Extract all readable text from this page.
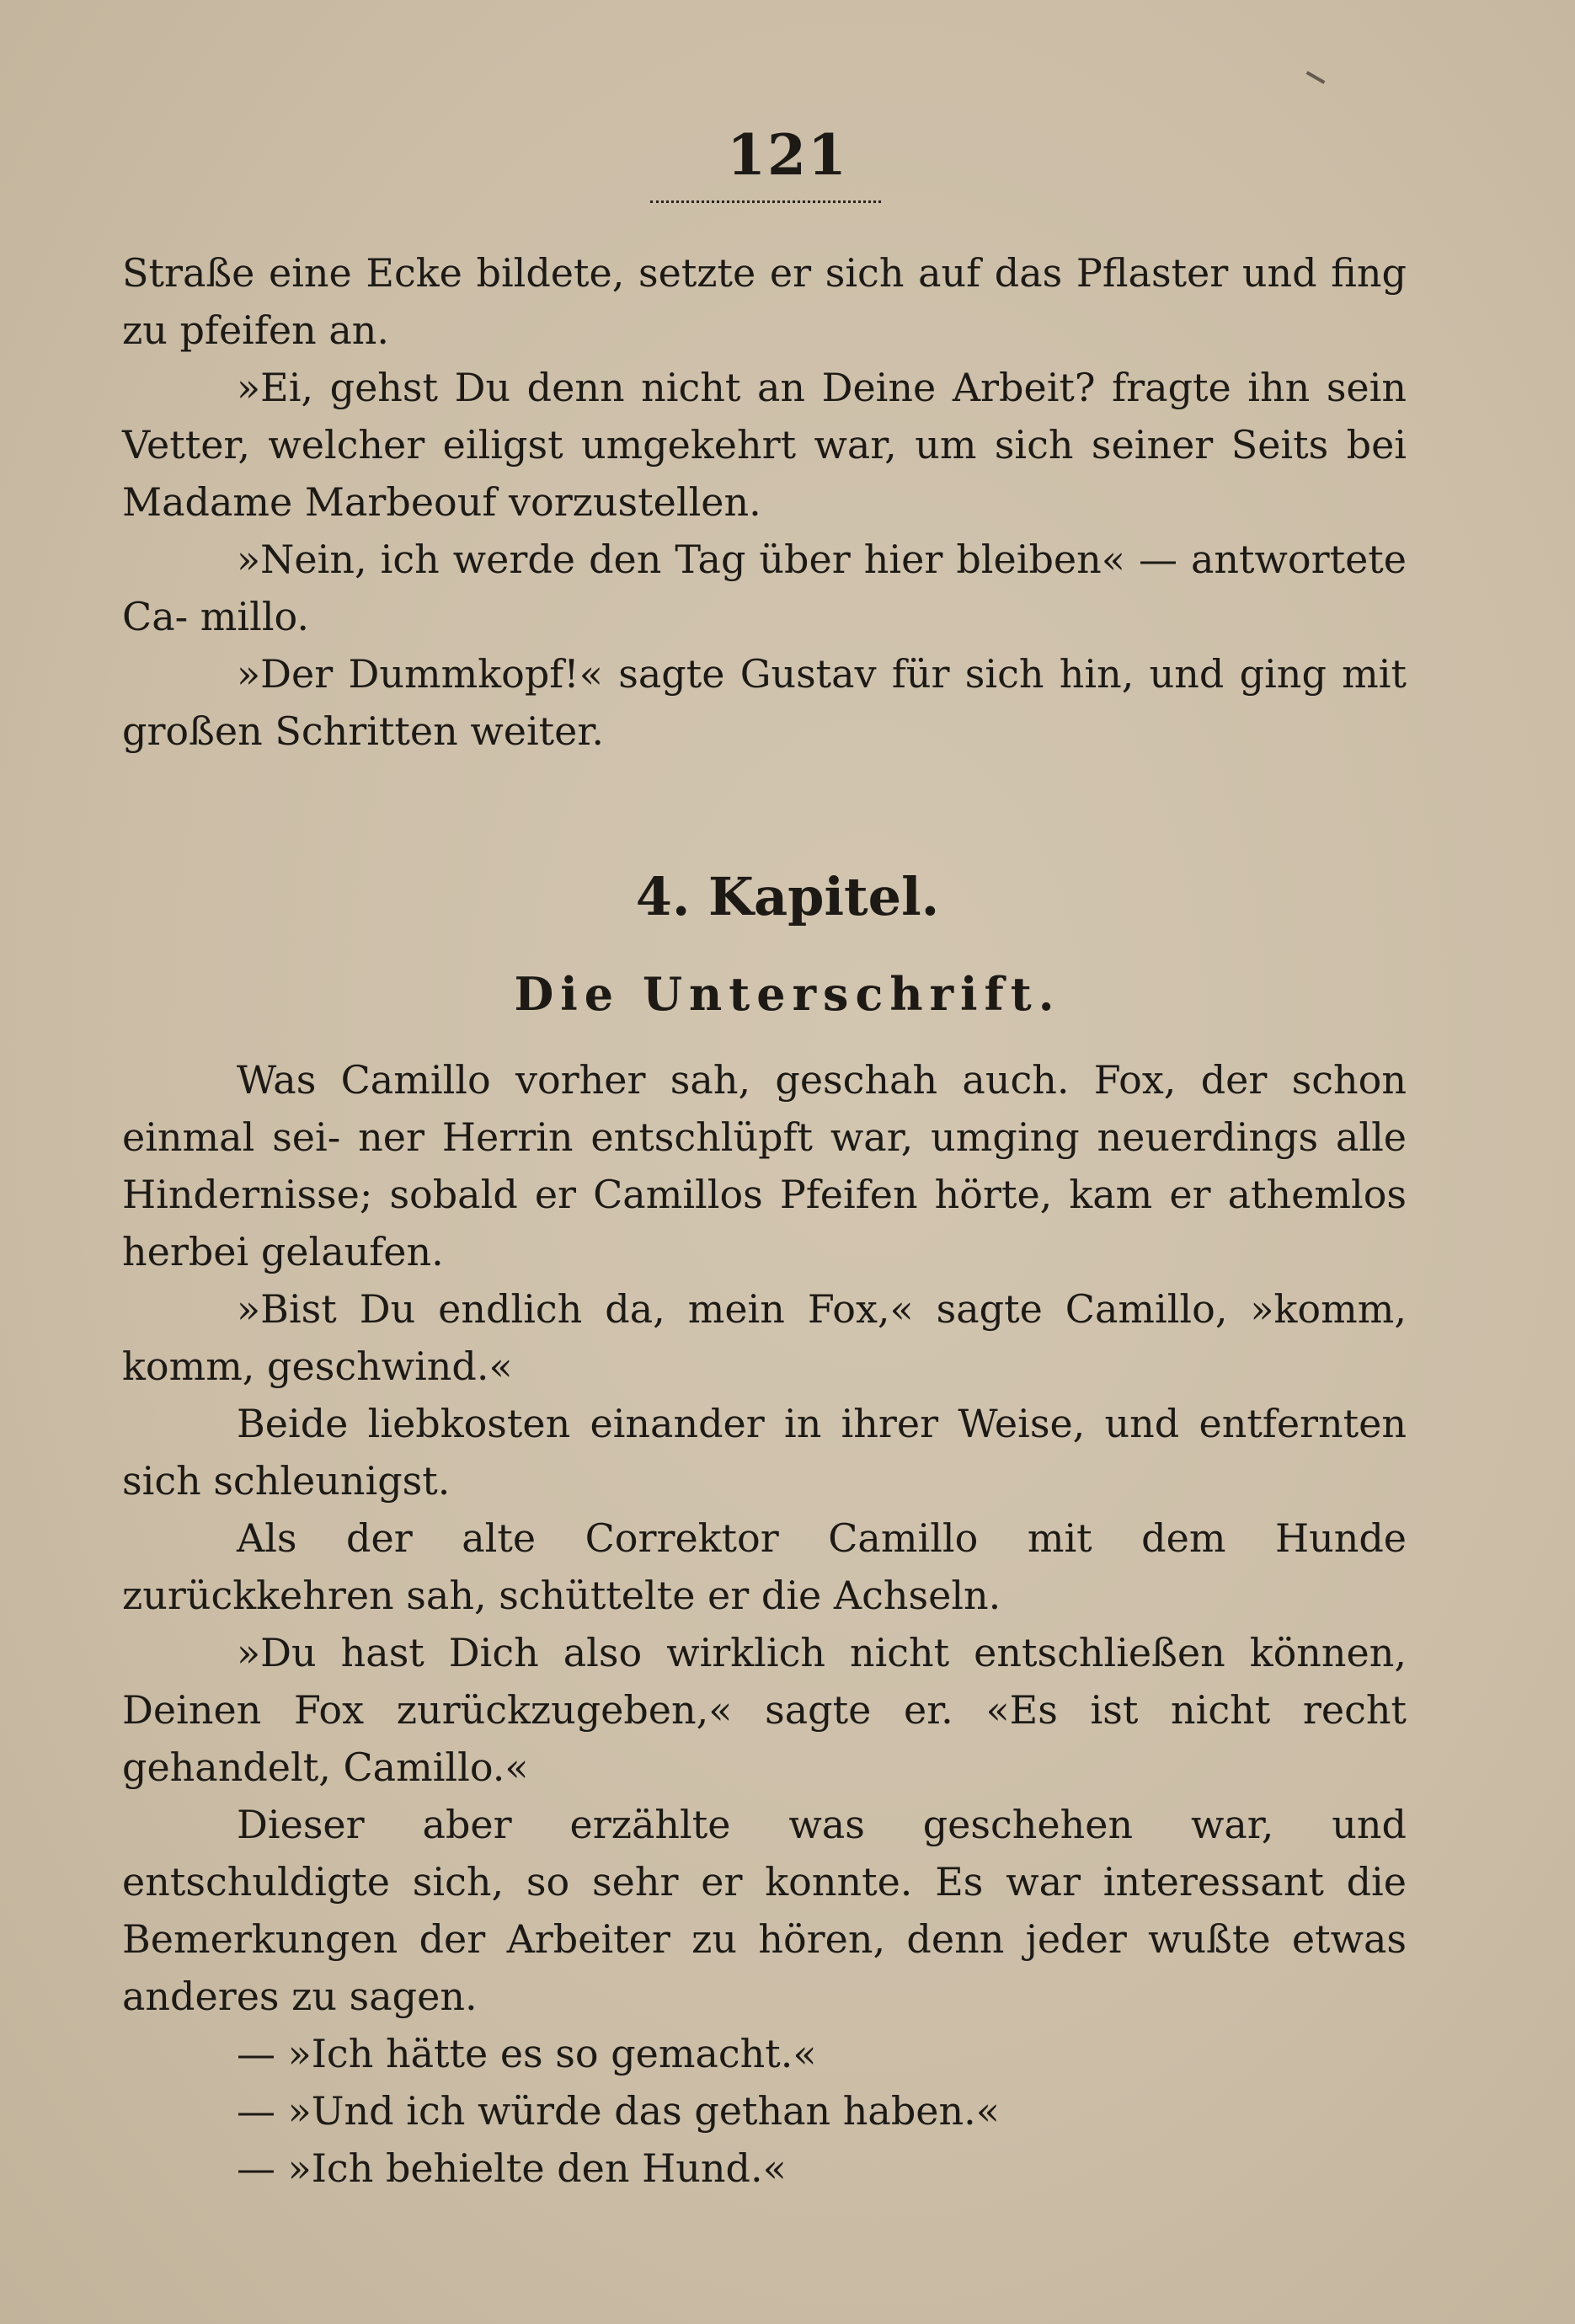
121

Straße eine Ecke bildete, setzte er sich auf das Pflaster und fing zu pfeifen an.

»Ei, gehst Du denn nicht an Deine Arbeit? fragte ihn sein Vetter, welcher eiligst umgekehrt war, um sich seiner Seits bei Madame Marbeouf vorzustellen.

»Nein, ich werde den Tag über hier bleiben« — antwortete Ca- millo.

»Der Dummkopf!« sagte Gustav für sich hin, und ging mit großen Schritten weiter.

4. Kapitel.
Die Unterschrift.

Was Camillo vorher sah, geschah auch. Fox, der schon einmal sei- ner Herrin entschlüpft war, umging neuerdings alle Hindernisse; sobald er Camillos Pfeifen hörte, kam er athemlos herbei gelaufen.

»Bist Du endlich da, mein Fox,« sagte Camillo, »komm, komm, geschwind.«

Beide liebkosten einander in ihrer Weise, und entfernten sich schleunigst.

Als der alte Correktor Camillo mit dem Hunde zurückkehren sah, schüttelte er die Achseln.

»Du hast Dich also wirklich nicht entschließen können, Deinen Fox zurückzugeben,« sagte er. «Es ist nicht recht gehandelt, Camillo.«

Dieser aber erzählte was geschehen war, und entschuldigte sich, so sehr er konnte. Es war interessant die Bemerkungen der Arbeiter zu hören, denn jeder wußte etwas anderes zu sagen.

— »Ich hätte es so gemacht.«

— »Und ich würde das gethan haben.«

— »Ich behielte den Hund.«
